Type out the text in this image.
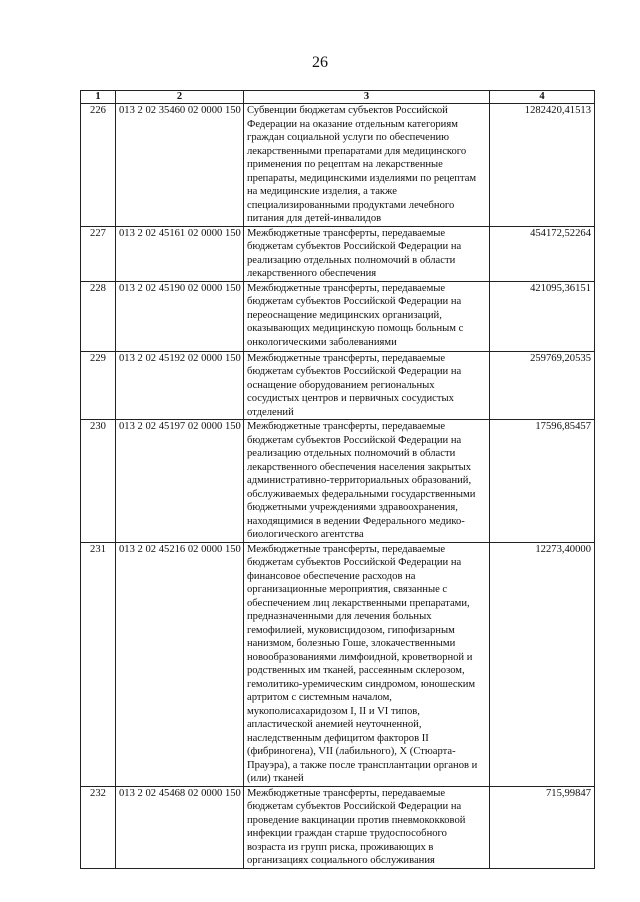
26
1	2	3	4
226	013 2 02 35460 02 0000 150	Субвенции бюджетам субъектов Российской Федерации на оказание отдельным категориям граждан социальной услуги по обеспечению лекарственными препаратами для медицинского применения по рецептам на лекарственные препараты, медицинскими изделиями по рецептам на медицинские изделия, а также специализированными продуктами лечебного питания для детей-инвалидов	1282420,41513
227	013 2 02 45161 02 0000 150	Межбюджетные трансферты, передаваемые бюджетам субъектов Российской Федерации на реализацию отдельных полномочий в области лекарственного обеспечения	454172,52264
228	013 2 02 45190 02 0000 150	Межбюджетные трансферты, передаваемые бюджетам субъектов Российской Федерации на переоснащение медицинских организаций, оказывающих медицинскую помощь больным с онкологическими заболеваниями	421095,36151
229	013 2 02 45192 02 0000 150	Межбюджетные трансферты, передаваемые бюджетам субъектов Российской Федерации на оснащение оборудованием региональных сосудистых центров и первичных сосудистых отделений	259769,20535
230	013 2 02 45197 02 0000 150	Межбюджетные трансферты, передаваемые бюджетам субъектов Российской Федерации на реализацию отдельных полномочий в области лекарственного обеспечения населения закрытых административно-территориальных образований, обслуживаемых федеральными государственными бюджетными учреждениями здравоохранения, находящимися в ведении Федерального медико-биологического агентства	17596,85457
231	013 2 02 45216 02 0000 150	Межбюджетные трансферты, передаваемые бюджетам субъектов Российской Федерации на финансовое обеспечение расходов на организационные мероприятия, связанные с обеспечением лиц лекарственными препаратами, предназначенными для лечения больных гемофилией, муковисцидозом, гипофизарным нанизмом, болезнью Гоше, злокачественными новообразованиями лимфоидной, кроветворной и родственных им тканей, рассеянным склерозом, гемолитико-уремическим синдромом, юношеским артритом с системным началом, мукополисахаридозом I, II и VI типов, апластической анемией неуточненной, наследственным дефицитом факторов II (фибриногена), VII (лабильного), X (Стюарта-Прауэра), а также после трансплантации органов и (или) тканей	12273,40000
232	013 2 02 45468 02 0000 150	Межбюджетные трансферты, передаваемые бюджетам субъектов Российской Федерации на проведение вакцинации против пневмококковой инфекции граждан старше трудоспособного возраста из групп риска, проживающих в организациях социального обслуживания	715,99847
